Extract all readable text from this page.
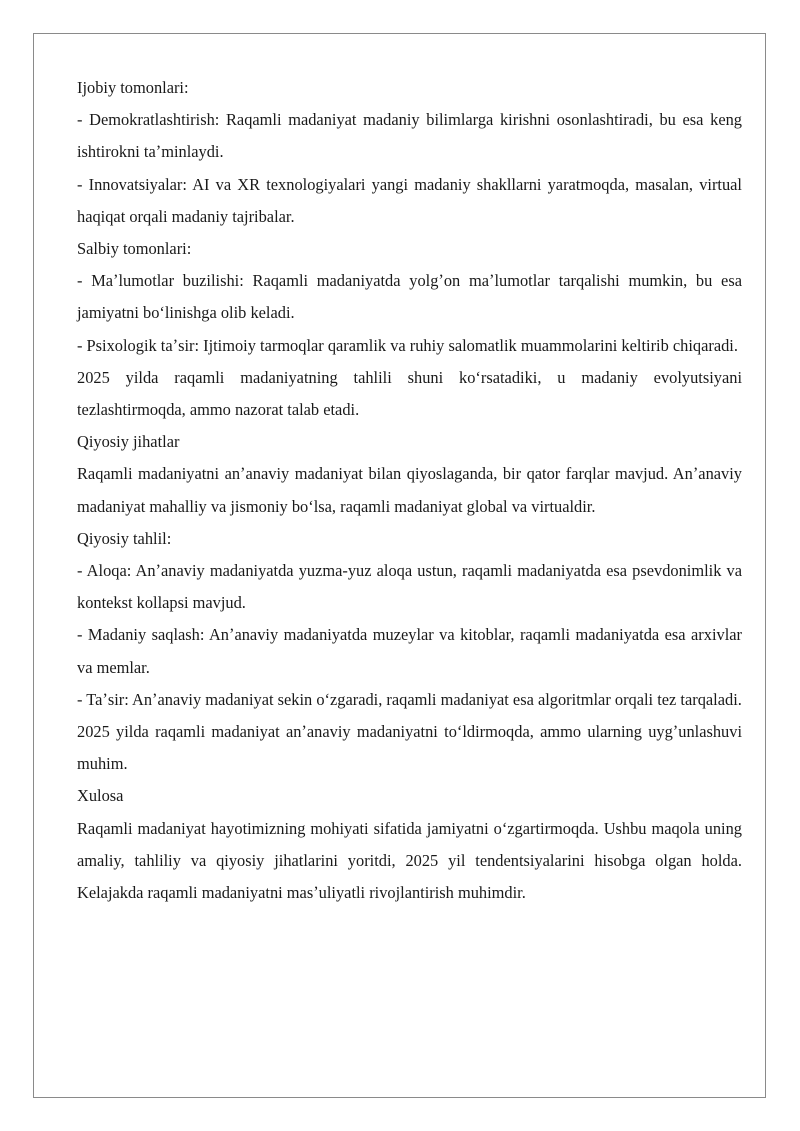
Ijobiy tomonlari:

- Demokratlashtirish: Raqamli madaniyat madaniy bilimlarga kirishni osonlashtiradi, bu esa keng ishtirokni taʼminlaydi.

- Innovatsiyalar: AI va XR texnologiyalari yangi madaniy shakllarni yaratmoqda, masalan, virtual haqiqat orqali madaniy tajribalar.

Salbiy tomonlari:

- Maʼlumotlar buzilishi: Raqamli madaniyatda yolgʼon maʼlumotlar tarqalishi mumkin, bu esa jamiyatni boʻlinishga olib keladi.

- Psixologik taʼsir: Ijtimoiy tarmoqlar qaramlik va ruhiy salomatlik muammolarini keltirib chiqaradi.

2025 yilda raqamli madaniyatning tahlili shuni koʻrsatadiki, u madaniy evolyutsiyani tezlashtirmoqda, ammo nazorat talab etadi.

Qiyosiy jihatlar

Raqamli madaniyatni anʼanaviy madaniyat bilan qiyoslaganda, bir qator farqlar mavjud. Anʼanaviy madaniyat mahalliy va jismoniy boʻlsa, raqamli madaniyat global va virtualdir.

Qiyosiy tahlil:

- Aloqa: Anʼanaviy madaniyatda yuzma-yuz aloqa ustun, raqamli madaniyatda esa psevdonimlik va kontekst kollapsi mavjud.

- Madaniy saqlash: Anʼanaviy madaniyatda muzeylar va kitoblar, raqamli madaniyatda esa arxivlar va memlar.

- Taʼsir: Anʼanaviy madaniyat sekin oʻzgaradi, raqamli madaniyat esa algoritmlar orqali tez tarqaladi.

2025 yilda raqamli madaniyat anʼanaviy madaniyatni toʻldirmoqda, ammo ularning uygʼunlashuvi muhim.

Xulosa

Raqamli madaniyat hayotimizning mohiyati sifatida jamiyatni oʻzgartirmoqda. Ushbu maqola uning amaliy, tahliliy va qiyosiy jihatlarini yoritdi, 2025 yil tendentsiyalarini hisobga olgan holda. Kelajakda raqamli madaniyatni masʼuliyatli rivojlantirish muhimdir.
